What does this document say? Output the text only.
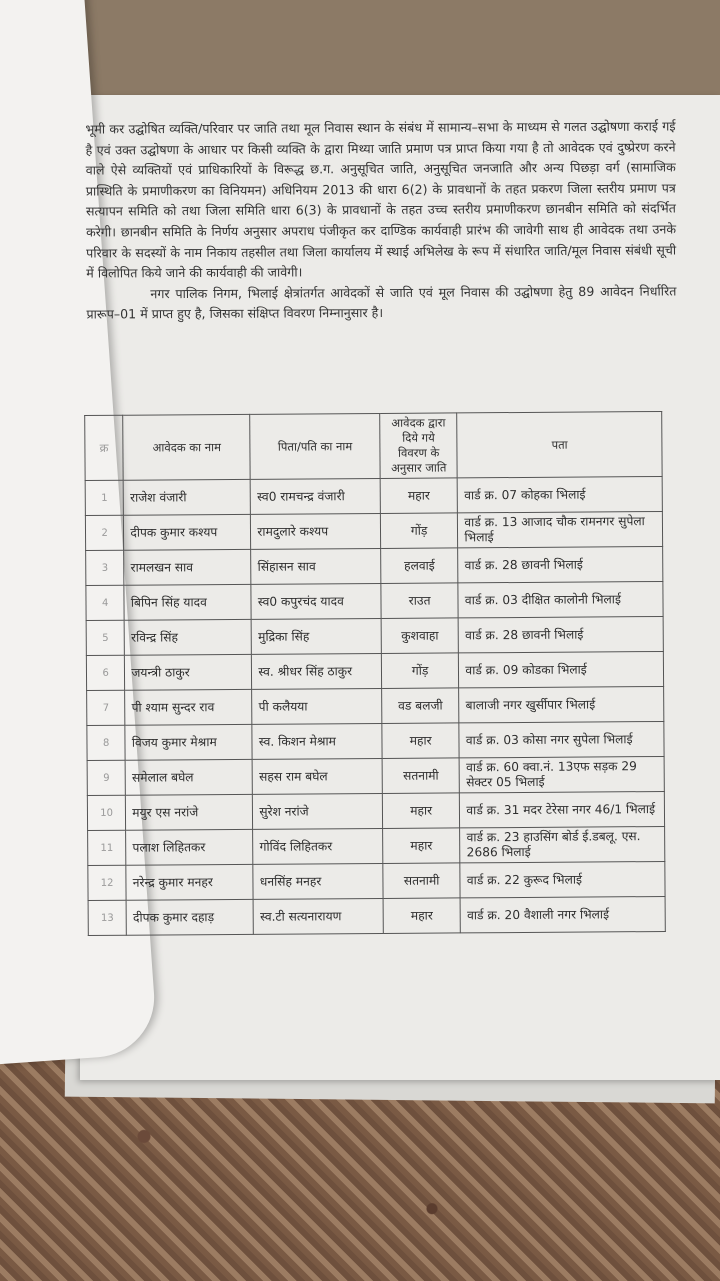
भूमी कर उद्घोषित व्यक्ति/परिवार पर जाति तथा मूल निवास स्थान के संबंध में सामान्य–सभा के माध्यम से गलत उद्घोषणा कराई गई है एवं उक्त उद्घोषणा के आधार पर किसी व्यक्ति के द्वारा मिथ्या जाति प्रमाण पत्र प्राप्त किया गया है तो आवेदक एवं दुष्प्रेरण करने वाले ऐसे व्यक्तियों एवं प्राधिकारियों के विरूद्ध छ.ग. अनुसूचित जाति, अनुसूचित जनजाति और अन्य पिछड़ा वर्ग (सामाजिक प्रास्थिति के प्रमाणीकरण का विनियमन) अधिनियम 2013 की धारा 6(2) के प्रावधानों के तहत प्रकरण जिला स्तरीय प्रमाण पत्र सत्यापन समिति को तथा जिला समिति धारा 6(3) के प्रावधानों के तहत उच्च स्तरीय प्रमाणीकरण छानबीन समिति को संदर्भित करेगी। छानबीन समिति के निर्णय अनुसार अपराध पंजीकृत कर दाण्डिक कार्यवाही प्रारंभ की जावेगी साथ ही आवेदक तथा उनके परिवार के सदस्यों के नाम निकाय तहसील तथा जिला कार्यालय में स्थाई अभिलेख के रूप में संधारित जाति/मूल निवास संबंधी सूची में विलोपित किये जाने की कार्यवाही की जावेगी।

नगर पालिक निगम, भिलाई क्षेत्रांतर्गत आवेदकों से जाति एवं मूल निवास की उद्घोषणा हेतु 89 आवेदन निर्धारित प्रारूप–01 में प्राप्त हुए है, जिसका संक्षिप्त विवरण निम्नानुसार है।

क्र	आवेदक का नाम	पिता/पति का नाम	आवेदक द्वारा दिये गये विवरण के अनुसार जाति	पता
1	राजेश वंजारी	स्व0 रामचन्द्र वंजारी	महार	वार्ड क्र. 07 कोहका भिलाई
2	दीपक कुमार कश्यप	रामदुलारे कश्यप	गोंड़	वार्ड क्र. 13 आजाद चौक रामनगर सुपेला भिलाई
3	रामलखन साव	सिंहासन साव	हलवाई	वार्ड क्र. 28 छावनी भिलाई
4	बिपिन सिंह यादव	स्व0 कपुरचंद यादव	राउत	वार्ड क्र. 03 दीक्षित कालोनी भिलाई
5	रविन्द्र सिंह	मुद्रिका सिंह	कुशवाहा	वार्ड क्र. 28 छावनी भिलाई
6	जयन्त्री ठाकुर	स्व. श्रीधर सिंह ठाकुर	गोंड़	वार्ड क्र. 09 कोडका भिलाई
7	पी श्याम सुन्दर राव	पी कलैयया	वड बलजी	बालाजी नगर खुर्सीपार भिलाई
8	विजय कुमार मेश्राम	स्व. किशन मेश्राम	महार	वार्ड क्र. 03 कोसा नगर सुपेला भिलाई
9	समेलाल बघेल	सहस राम बघेल	सतनामी	वार्ड क्र. 60 क्वा.नं. 13एफ सड़क 29 सेक्टर 05 भिलाई
10	मयुर एस नरांजे	सुरेश नरांजे	महार	वार्ड क्र. 31 मदर टेरेसा नगर 46/1 भिलाई
11	पलाश लिहितकर	गोविंद लिहितकर	महार	वार्ड क्र. 23 हाउसिंग बोर्ड ई.डबलू. एस. 2686 भिलाई
12	नरेन्द्र कुमार मनहर	धनसिंह मनहर	सतनामी	वार्ड क्र. 22 कुरूद भिलाई
13	दीपक कुमार दहाड़	स्व.टी सत्यनारायण	महार	वार्ड क्र. 20 वैशाली नगर भिलाई
